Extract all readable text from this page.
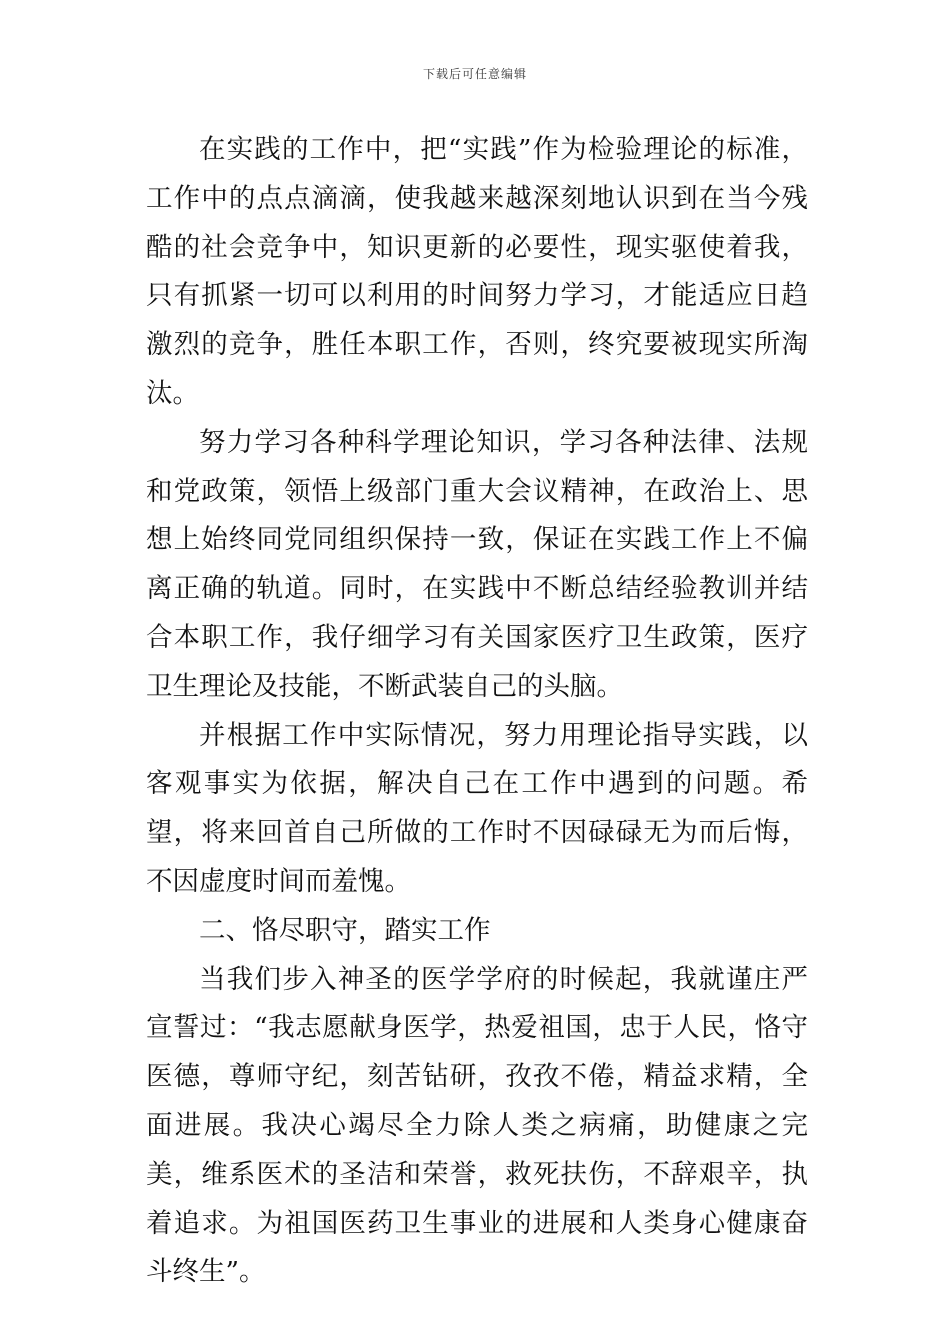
下载后可任意编辑

在实践的工作中，把“实践”作为检验理论的标准，工作中的点点滴滴，使我越来越深刻地认识到在当今残酷的社会竞争中，知识更新的必要性，现实驱使着我，只有抓紧一切可以利用的时间努力学习，才能适应日趋激烈的竞争，胜任本职工作，否则，终究要被现实所淘汰。

努力学习各种科学理论知识，学习各种法律、法规和党政策，领悟上级部门重大会议精神，在政治上、思想上始终同党同组织保持一致，保证在实践工作上不偏离正确的轨道。同时，在实践中不断总结经验教训并结合本职工作，我仔细学习有关国家医疗卫生政策，医疗卫生理论及技能，不断武装自己的头脑。

并根据工作中实际情况，努力用理论指导实践，以客观事实为依据，解决自己在工作中遇到的问题。希望，将来回首自己所做的工作时不因碌碌无为而后悔，不因虚度时间而羞愧。

二、恪尽职守，踏实工作

当我们步入神圣的医学学府的时候起，我就谨庄严宣誓过：“我志愿献身医学，热爱祖国，忠于人民，恪守医德，尊师守纪，刻苦钻研，孜孜不倦，精益求精，全面进展。我决心竭尽全力除人类之病痛，助健康之完美，维系医术的圣洁和荣誉，救死扶伤，不辞艰辛，执着追求。为祖国医药卫生事业的进展和人类身心健康奋斗终生”。
